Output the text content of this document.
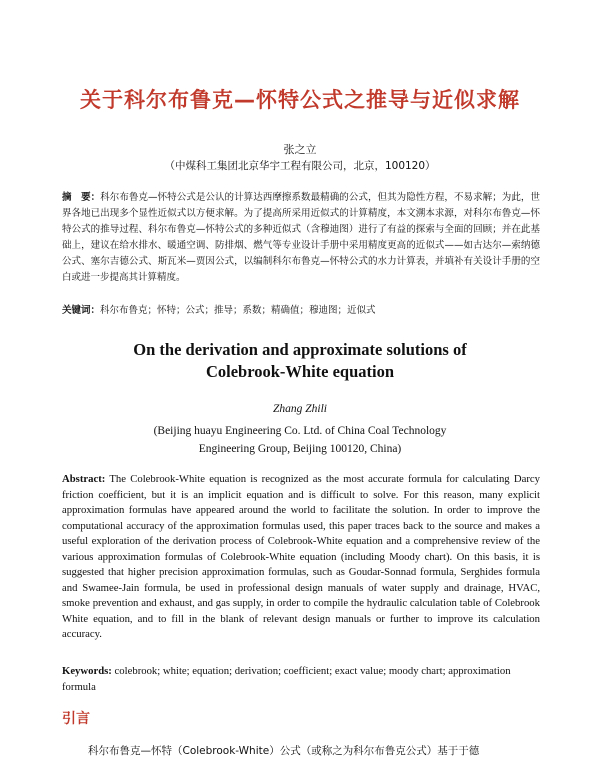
关于科尔布鲁克—怀特公式之推导与近似求解
张之立
（中煤科工集团北京华宇工程有限公司，北京，100120）
摘　要：科尔布鲁克—怀特公式是公认的计算达西摩擦系数最精确的公式，但其为隐性方程，不易求解；为此，世界各地已出现多个显性近似式以方便求解。为了提高所采用近似式的计算精度，本文溯本求源，对科尔布鲁克—怀特公式的推导过程、科尔布鲁克—怀特公式的多种近似式（含穆迪图）进行了有益的探索与全面的回顾；并在此基础上，建议在给水排水、暖通空调、防排烟、燃气等专业设计手册中采用精度更高的近似式——如古达尔—索纳德公式、塞尔吉德公式、斯瓦米—贾因公式，以编制科尔布鲁克—怀特公式的水力计算表，并填补有关设计手册的空白或进一步提高其计算精度。
关键词：科尔布鲁克；怀特；公式；推导；系数；精确值；穆迪图；近似式
On the derivation and approximate solutions of
Colebrook-White equation
Zhang Zhili
(Beijing huayu Engineering Co. Ltd. of China Coal Technology
Engineering Group, Beijing 100120, China)
Abstract: The Colebrook-White equation is recognized as the most accurate formula for calculating Darcy friction coefficient, but it is an implicit equation and is difficult to solve. For this reason, many explicit approximation formulas have appeared around the world to facilitate the solution. In order to improve the computational accuracy of the approximation formulas used, this paper traces back to the source and makes a useful exploration of the derivation process of Colebrook-White equation and a comprehensive review of the various approximation formulas of Colebrook-White equation (including Moody chart). On this basis, it is suggested that higher precision approximation formulas, such as Goudar-Sonnad formula, Serghides formula and Swamee-Jain formula, be used in professional design manuals of water supply and drainage, HVAC, smoke prevention and exhaust, and gas supply, in order to compile the hydraulic calculation table of Colebrook White equation, and to fill in the blank of relevant design manuals or further to improve its calculation accuracy.
Keywords: colebrook; white; equation; derivation; coefficient; exact value; moody chart; approximation formula
引言
科尔布鲁克—怀特（Colebrook-White）公式（或称之为科尔布鲁克公式）基于于德
